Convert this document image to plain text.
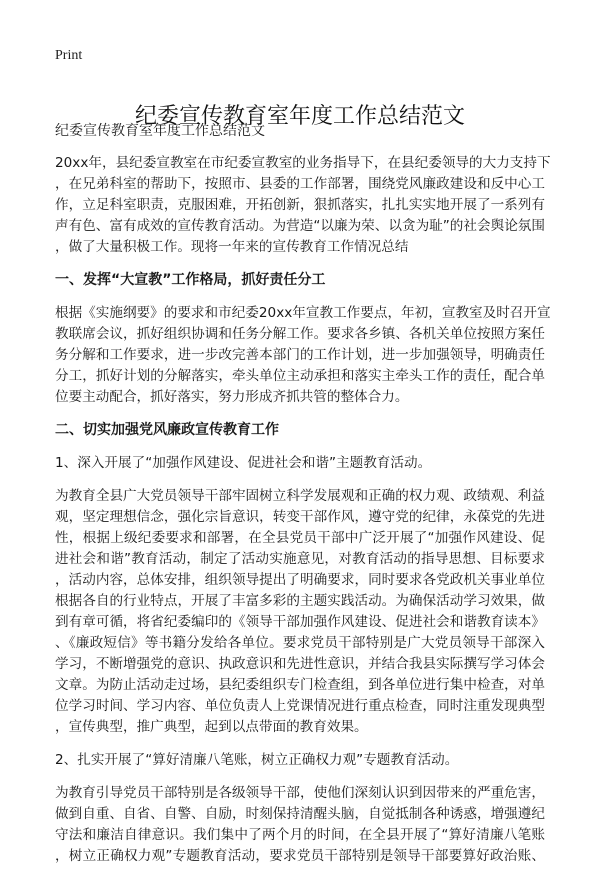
Print
纪委宣传教育室年度工作总结范文
纪委宣传教育室年度工作总结范文
20xx年，县纪委宣教室在市纪委宣教室的业务指导下，在县纪委领导的大力支持下
，在兄弟科室的帮助下，按照市、县委的工作部署，围绕党风廉政建设和反中心工
作，立足科室职责，克服困难，开拓创新，狠抓落实，扎扎实实地开展了一系列有
声有色、富有成效的宣传教育活动。为营造“以廉为荣、以贪为耻”的社会舆论氛围
，做了大量积极工作。现将一年来的宣传教育工作情况总结
一、发挥“大宣教”工作格局，抓好责任分工
根据《实施纲要》的要求和市纪委20xx年宣教工作要点，年初，宣教室及时召开宣
教联席会议，抓好组织协调和任务分解工作。要求各乡镇、各机关单位按照方案任
务分解和工作要求，进一步改完善本部门的工作计划，进一步加强领导，明确责任
分工，抓好计划的分解落实，牵头单位主动承担和落实主牵头工作的责任，配合单
位要主动配合，抓好落实，努力形成齐抓共管的整体合力。
二、切实加强党风廉政宣传教育工作
1、深入开展了“加强作风建设、促进社会和谐”主题教育活动。
为教育全县广大党员领导干部牢固树立科学发展观和正确的权力观、政绩观、利益
观，坚定理想信念，强化宗旨意识，转变干部作风，遵守党的纪律，永葆党的先进
性，根据上级纪委要求和部署，在全县党员干部中广泛开展了“加强作风建设、促
进社会和谐”教育活动，制定了活动实施意见，对教育活动的指导思想、目标要求
，活动内容，总体安排，组织领导提出了明确要求，同时要求各党政机关事业单位
根据各自的行业特点，开展了丰富多彩的主题实践活动。为确保活动学习效果，做
到有章可循，将省纪委编印的《领导干部加强作风建设、促进社会和谐教育读本》
、《廉政短信》等书籍分发给各单位。要求党员干部特别是广大党员领导干部深入
学习，不断增强党的意识、执政意识和先进性意识，并结合我县实际撰写学习体会
文章。为防止活动走过场，县纪委组织专门检查组，到各单位进行集中检查，对单
位学习时间、学习内容、单位负责人上党课情况进行重点检查，同时注重发现典型
，宣传典型，推广典型，起到以点带面的教育效果。
2、扎实开展了“算好清廉八笔账，树立正确权力观”专题教育活动。
为教育引导党员干部特别是各级领导干部，使他们深刻认识到因带来的严重危害，
做到自重、自省、自警、自励，时刻保持清醒头脑，自觉抵制各种诱惑，增强遵纪
守法和廉洁自律意识。我们集中了两个月的时间，在全县开展了“算好清廉八笔账
，树立正确权力观”专题教育活动，要求党员干部特别是领导干部要算好政治账、
